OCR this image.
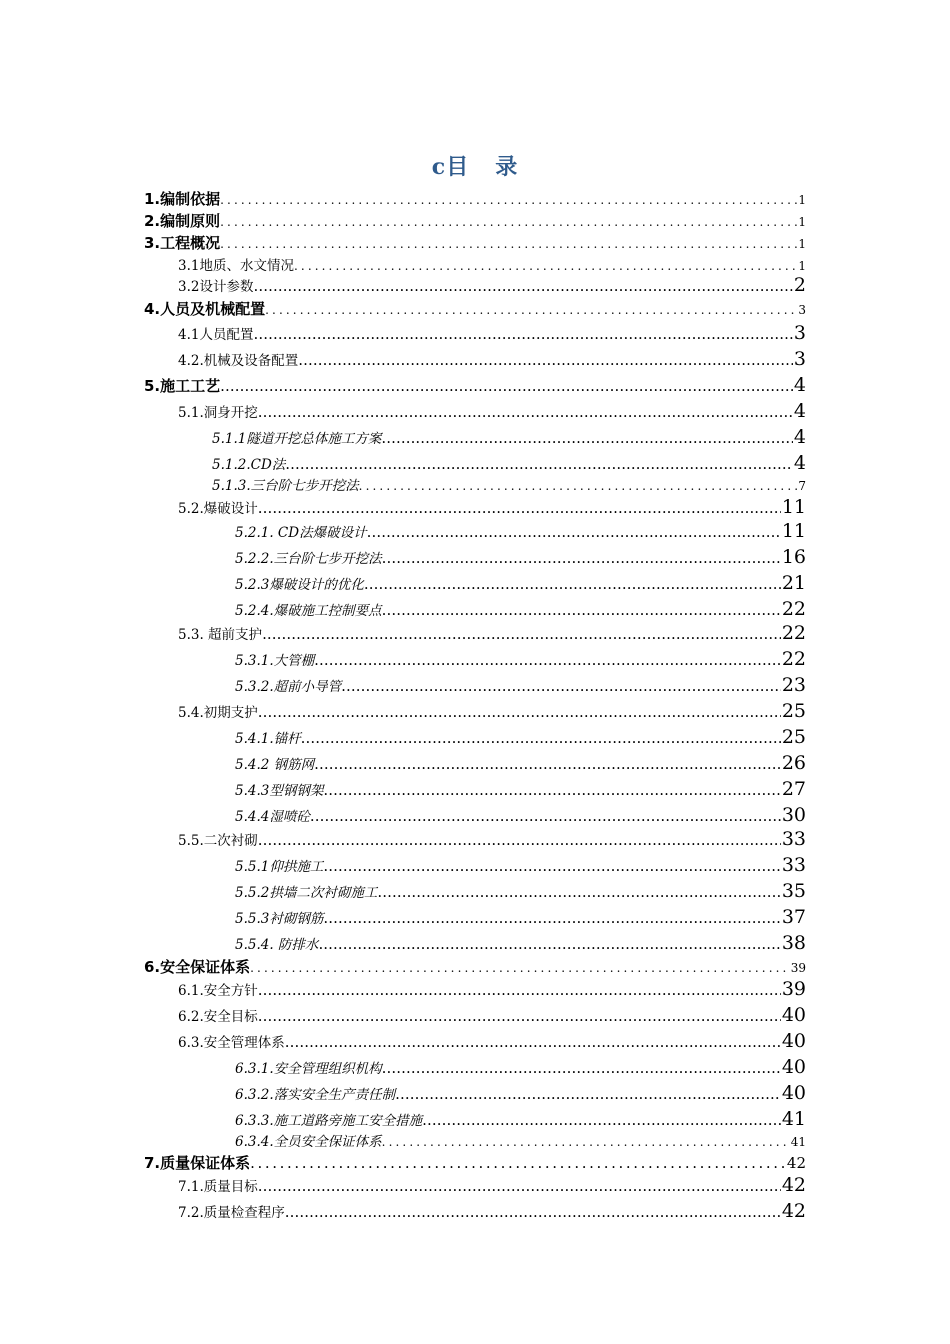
c目 录
1.编制依据 .....	1
2.编制原则 .....	1
3.工程概况 .....	1
3.1地质、水文情况 .....	1
3.2设计参数 .....	2
4.人员及机械配置 .....	3
4.1人员配置 .....	3
4.2.机械及设备配置 .....	3
5.施工工艺 .....	4
5.1.洞身开挖 .....	4
5.1.1隧道开挖总体施工方案 .....	4
5.1.2.CD法 .....	4
5.1.3.三台阶七步开挖法 .....	7
5.2.爆破设计 .....	11
5.2.1. CD法爆破设计 .....	11
5.2.2.三台阶七步开挖法 .....	16
5.2.3爆破设计的优化 .....	21
5.2.4.爆破施工控制要点 .....	22
5.3. 超前支护 .....	22
5.3.1.大管棚 .....	22
5.3.2.超前小导管 .....	23
5.4.初期支护 .....	25
5.4.1.锚杆 .....	25
5.4.2 钢筋网 .....	26
5.4.3型钢钢架 .....	27
5.4.4湿喷砼 .....	30
5.5.二次衬砌 .....	33
5.5.1仰拱施工 .....	33
5.5.2拱墙二次衬砌施工 .....	35
5.5.3衬砌钢筋 .....	37
5.5.4. 防排水 .....	38
6.安全保证体系 .....	39
6.1.安全方针 .....	39
6.2.安全目标 .....	40
6.3.安全管理体系 .....	40
6.3.1.安全管理组织机构 .....	40
6.3.2.落实安全生产责任制 .....	40
6.3.3.施工道路旁施工安全措施 .....	41
6.3.4.全员安全保证体系 .....	41
7.质量保证体系 .....	42
7.1.质量目标 .....	42
7.2.质量检查程序 .....	42
